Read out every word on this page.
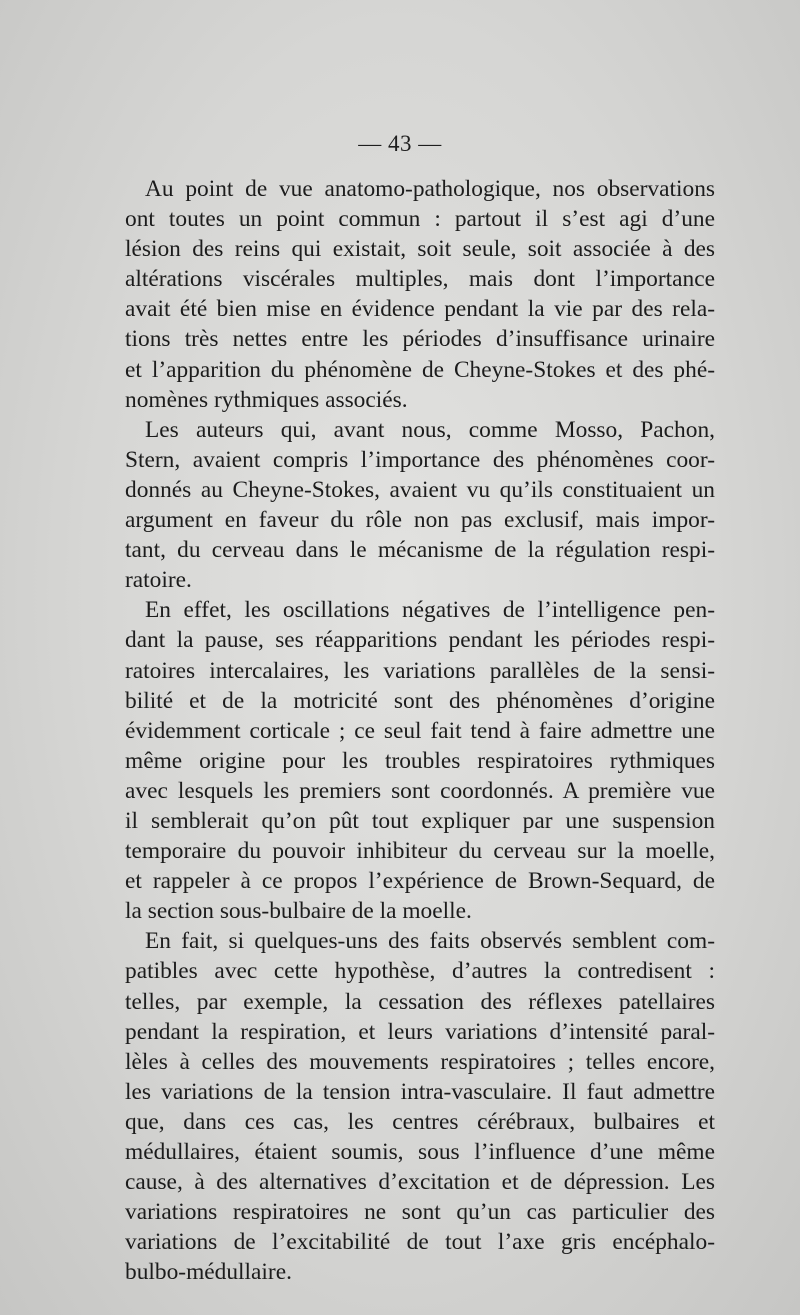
— 43 —
Au point de vue anatomo-pathologique, nos observations
ont toutes un point commun : partout il s’est agi d’une
lésion des reins qui existait, soit seule, soit associée à des
altérations viscérales multiples, mais dont l’importance
avait été bien mise en évidence pendant la vie par des rela-
tions très nettes entre les périodes d’insuffisance urinaire
et l’apparition du phénomène de Cheyne-Stokes et des phé-
nomènes rythmiques associés.
Les auteurs qui, avant nous, comme Mosso, Pachon,
Stern, avaient compris l’importance des phénomènes coor-
donnés au Cheyne-Stokes, avaient vu qu’ils constituaient un
argument en faveur du rôle non pas exclusif, mais impor-
tant, du cerveau dans le mécanisme de la régulation respi-
ratoire.
En effet, les oscillations négatives de l’intelligence pen-
dant la pause, ses réapparitions pendant les périodes respi-
ratoires intercalaires, les variations parallèles de la sensi-
bilité et de la motricité sont des phénomènes d’origine
évidemment corticale ; ce seul fait tend à faire admettre une
même origine pour les troubles respiratoires rythmiques
avec lesquels les premiers sont coordonnés. A première vue
il semblerait qu’on pût tout expliquer par une suspension
temporaire du pouvoir inhibiteur du cerveau sur la moelle,
et rappeler à ce propos l’expérience de Brown-Sequard, de
la section sous-bulbaire de la moelle.
En fait, si quelques-uns des faits observés semblent com-
patibles avec cette hypothèse, d’autres la contredisent :
telles, par exemple, la cessation des réflexes patellaires
pendant la respiration, et leurs variations d’intensité paral-
lèles à celles des mouvements respiratoires ; telles encore,
les variations de la tension intra-vasculaire. Il faut admettre
que, dans ces cas, les centres cérébraux, bulbaires et
médullaires, étaient soumis, sous l’influence d’une même
cause, à des alternatives d’excitation et de dépression. Les
variations respiratoires ne sont qu’un cas particulier des
variations de l’excitabilité de tout l’axe gris encéphalo-
bulbo-médullaire.
